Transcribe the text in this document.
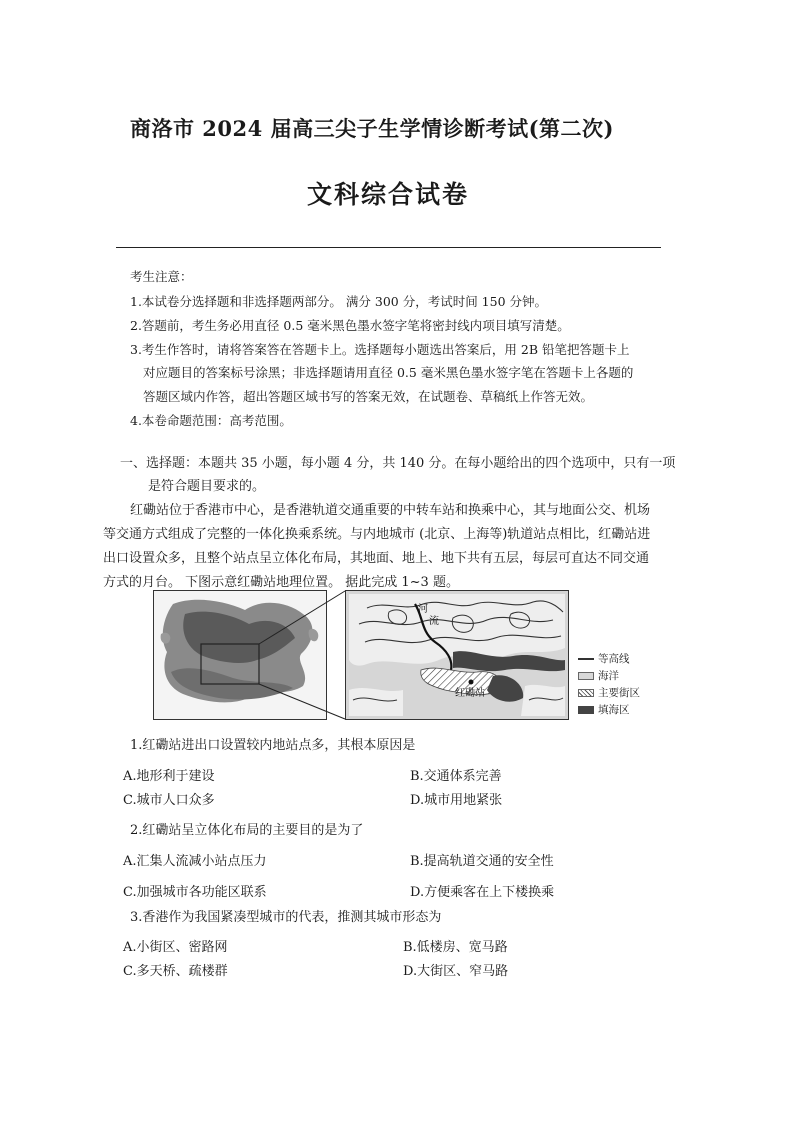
商洛市 2024 届高三尖子生学情诊断考试(第二次)
文科综合试卷
考生注意：
1.本试卷分选择题和非选择题两部分。 满分 300 分，考试时间 150 分钟。
2.答题前，考生务必用直径 0.5 毫米黑色墨水签字笔将密封线内项目填写清楚。
3.考生作答时，请将答案答在答题卡上。选择题每小题选出答案后，用 2B 铅笔把答题卡上
对应题目的答案标号涂黑；非选择题请用直径 0.5 毫米黑色墨水签字笔在答题卡上各题的
答题区域内作答，超出答题区域书写的答案无效，在试题卷、草稿纸上作答无效。
4.本卷命题范围：高考范围。
一、选择题：本题共 35 小题，每小题 4 分，共 140 分。在每小题给出的四个选项中，只有一项
是符合题目要求的。
红磡站位于香港市中心，是香港轨道交通重要的中转车站和换乘中心，其与地面公交、机场
等交通方式组成了完整的一体化换乘系统。与内地城市 (北京、上海等)轨道站点相比，红磡站进
出口设置众多，且整个站点呈立体化布局，其地面、地上、地下共有五层，每层可直达不同交通
方式的月台。 下图示意红磡站地理位置。 据此完成 1~3 题。
河
流
红磡站
等高线
海洋
主要街区
填海区
1.红磡站进出口设置较内地站点多，其根本原因是
A.地形利于建设	B.交通体系完善
C.城市人口众多	D.城市用地紧张
2.红磡站呈立体化布局的主要目的是为了
A.汇集人流减小站点压力	B.提高轨道交通的安全性
C.加强城市各功能区联系	D.方便乘客在上下楼换乘
3.香港作为我国紧凑型城市的代表，推测其城市形态为
A.小街区、密路网	B.低楼房、宽马路
C.多天桥、疏楼群	D.大街区、窄马路
